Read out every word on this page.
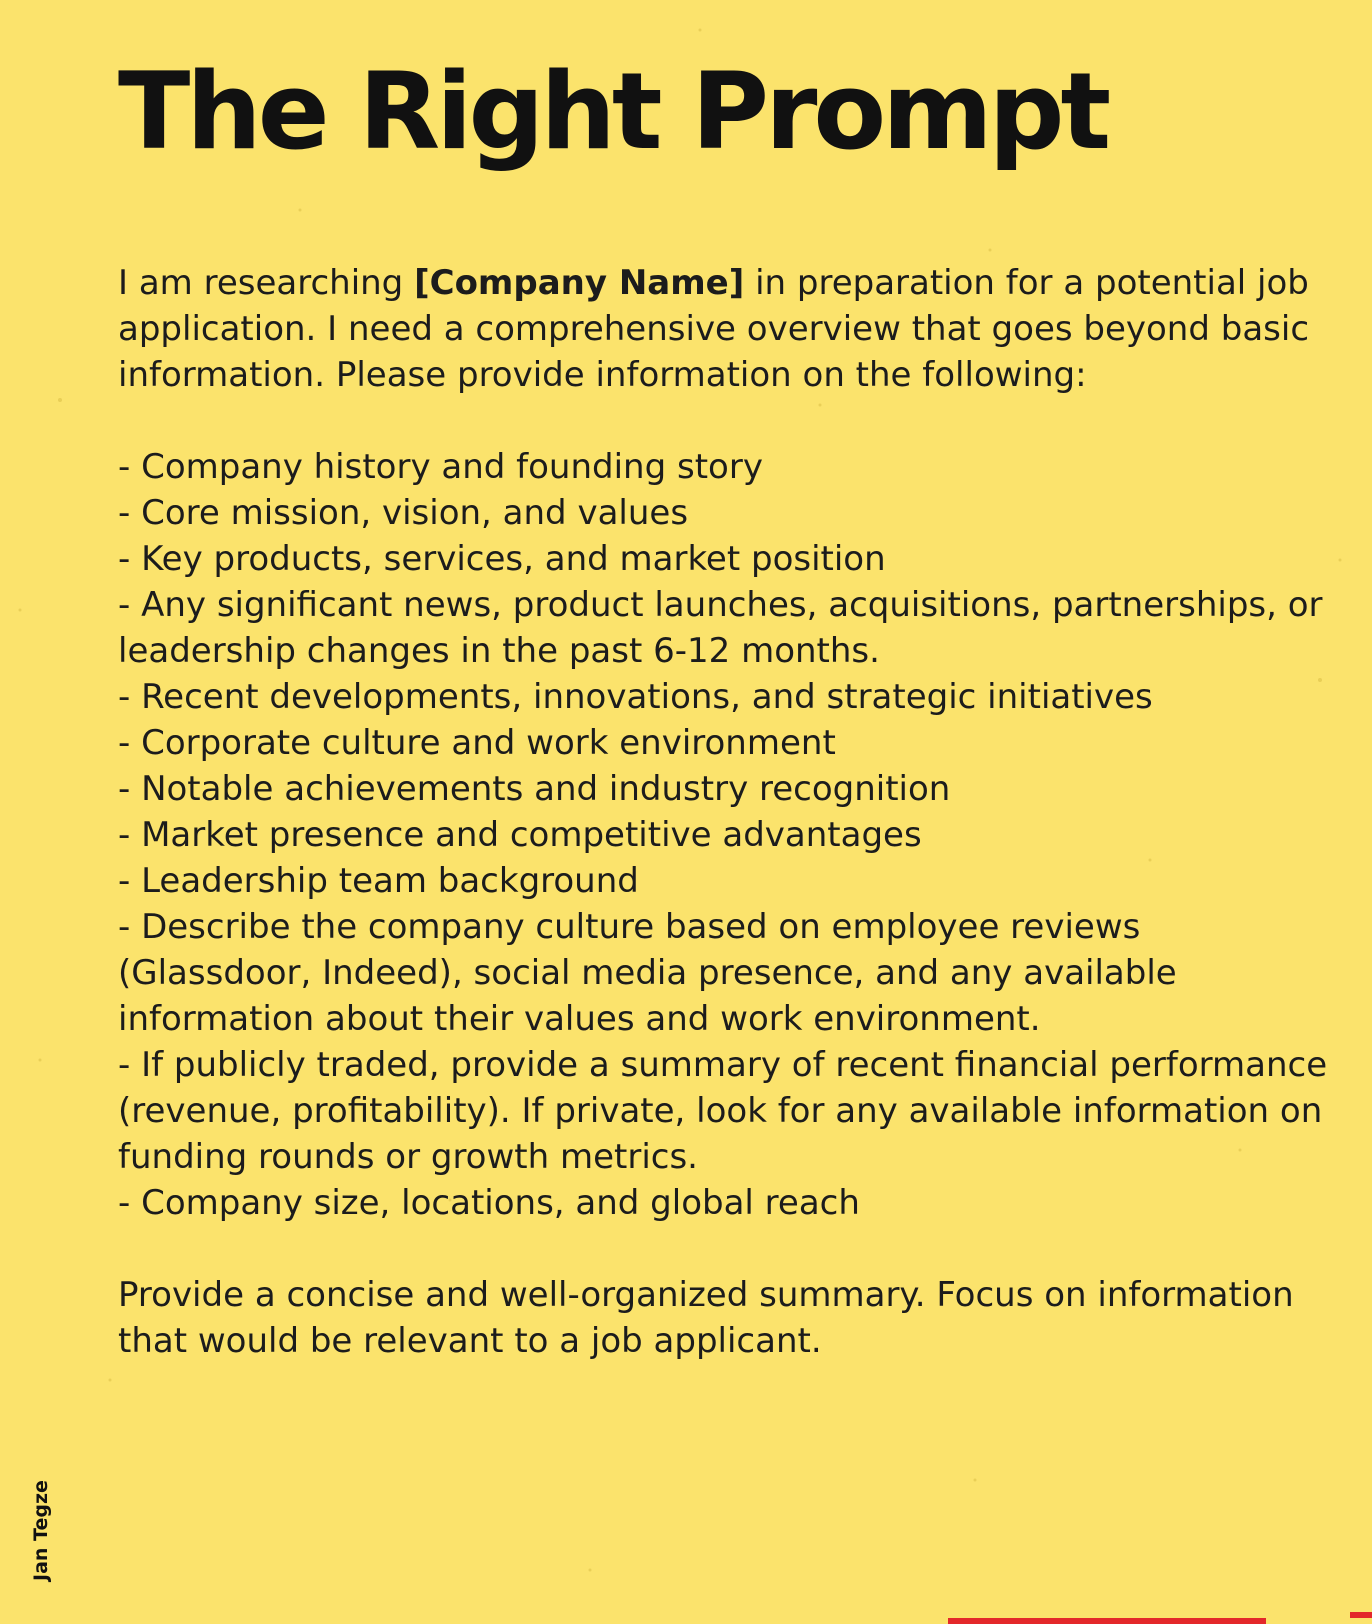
The Right Prompt

I am researching [Company Name] in preparation for a potential job application. I need a comprehensive overview that goes beyond basic information. Please provide information on the following:

- Company history and founding story
- Core mission, vision, and values
- Key products, services, and market position
- Any significant news, product launches, acquisitions, partnerships, or leadership changes in the past 6-12 months.
- Recent developments, innovations, and strategic initiatives
- Corporate culture and work environment
- Notable achievements and industry recognition
- Market presence and competitive advantages
- Leadership team background
- Describe the company culture based on employee reviews (Glassdoor, Indeed), social media presence, and any available information about their values and work environment.
- If publicly traded, provide a summary of recent financial performance (revenue, profitability). If private, look for any available information on funding rounds or growth metrics.
- Company size, locations, and global reach

Provide a concise and well-organized summary. Focus on information that would be relevant to a job applicant.

Jan Tegze
